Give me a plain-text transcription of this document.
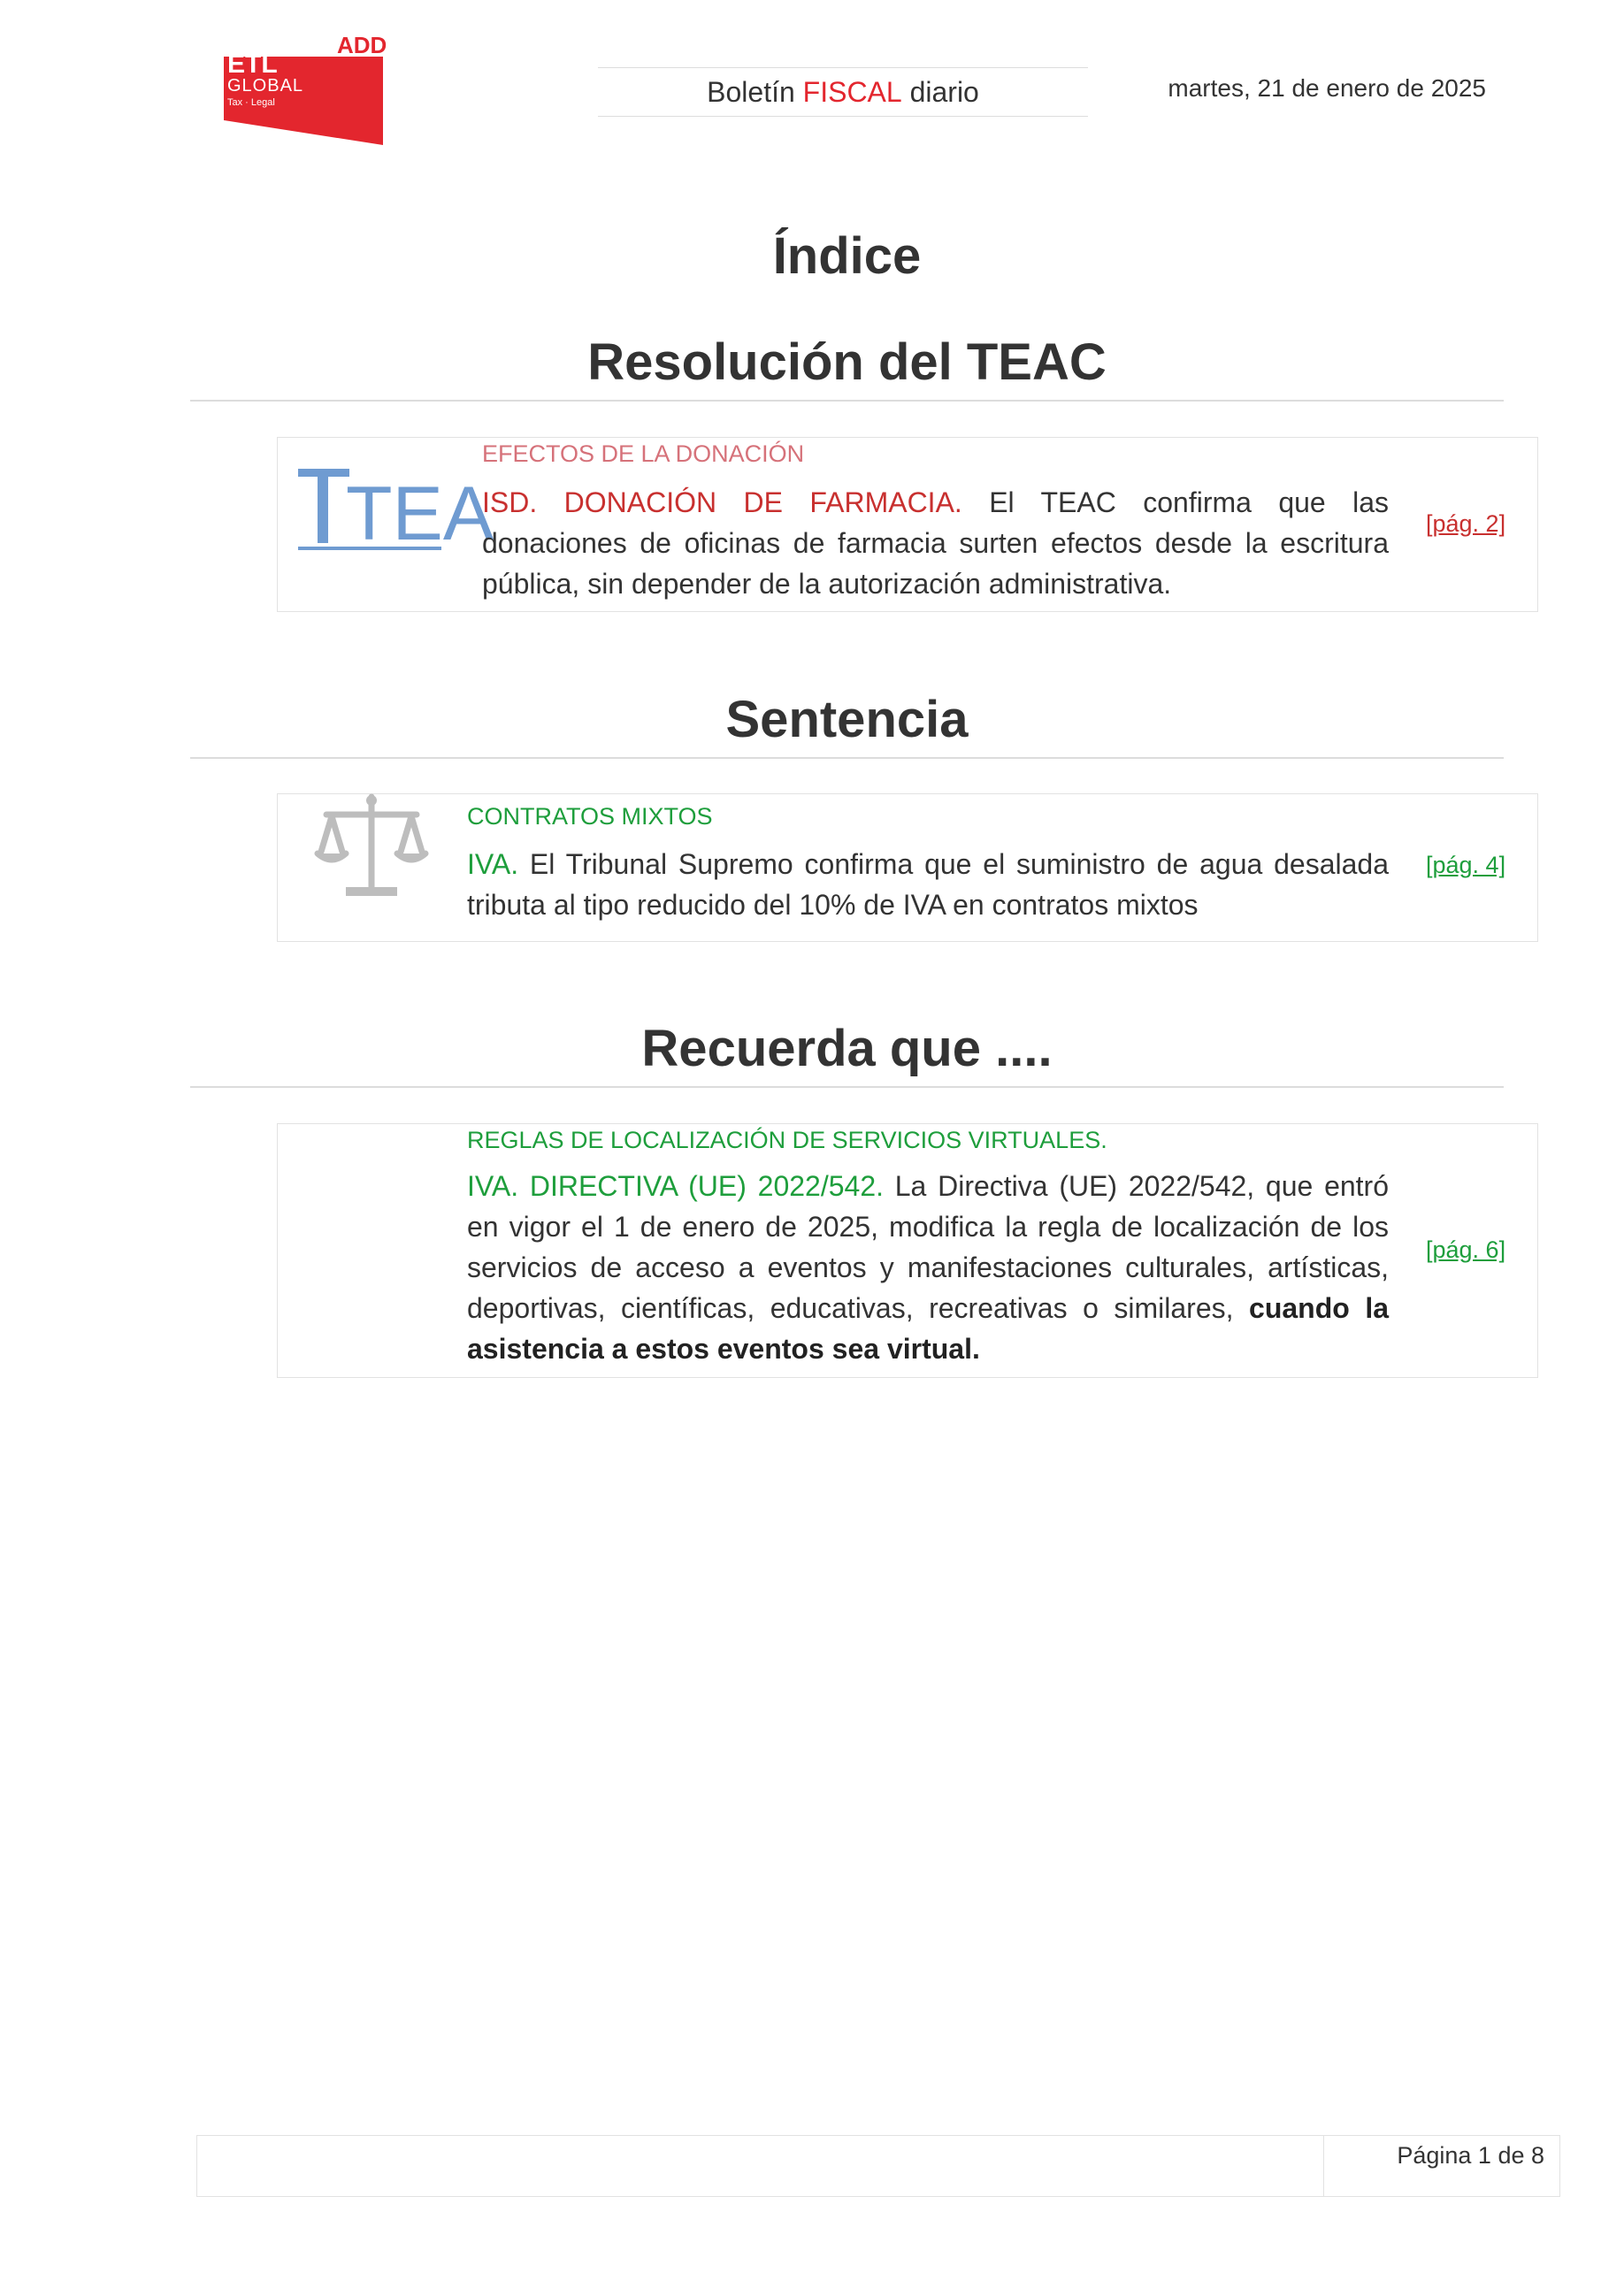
ADD
ETL
GLOBAL
Tax · Legal	Boletín FISCAL diario	martes, 21 de enero de 2025
Índice
Resolución del TEAC
TEA
EFECTOS DE LA DONACIÓN
ISD. DONACIÓN DE FARMACIA. El TEAC confirma que las donaciones de oficinas de farmacia surten efectos desde la escritura pública, sin depender de la autorización administrativa.
[pág. 2]
Sentencia
CONTRATOS MIXTOS
IVA. El Tribunal Supremo confirma que el suministro de agua desalada tributa al tipo reducido del 10% de IVA en contratos mixtos
[pág. 4]
Recuerda que ....
REGLAS DE LOCALIZACIÓN DE SERVICIOS VIRTUALES.
IVA. DIRECTIVA (UE) 2022/542. La Directiva (UE) 2022/542, que entró en vigor el 1 de enero de 2025, modifica la regla de localización de los servicios de acceso a eventos y manifestaciones culturales, artísticas, deportivas, científicas, educativas, recreativas o similares, cuando la asistencia a estos eventos sea virtual.
[pág. 6]
Página 1 de 8
